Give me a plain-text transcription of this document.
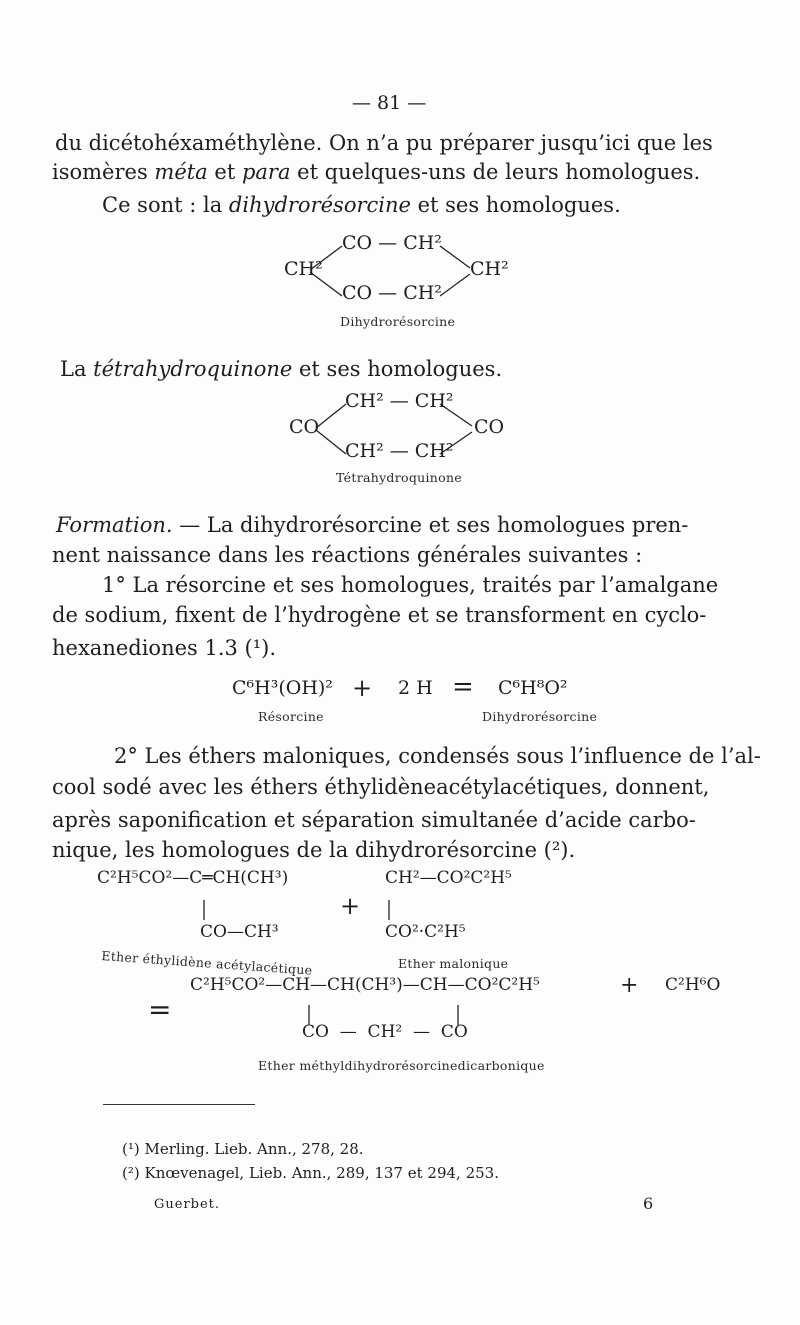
— 81 —
du dicétohéxaméthylène. On n’a pu préparer jusqu’ici que les
isomères méta et para et quelques-uns de leurs homologues.
Ce sont : la dihydrorésorcine et ses homologues.
CH²
CO — CH²
CO — CH²
CH²
Dihydrorésorcine
La tétrahydroquinone et ses homologues.
CO
CH² — CH²
CH² — CH²
CO
Tétrahydroquinone
Formation. — La dihydrorésorcine et ses homologues pren-
nent naissance dans les réactions générales suivantes :
1° La résorcine et ses homologues, traités par l’amalgane
de sodium, fixent de l’hydrogène et se transforment en cyclo-
hexanediones 1.3 (¹).
C⁶H³(OH)² + 2 H = C⁶H⁸O²
Résorcine	Dihydrorésorcine
2° Les éthers maloniques, condensés sous l’influence de l’al-
cool sodé avec les éthers éthylidèneacétylacétiques, donnent,
après saponification et séparation simultanée d’acide carbo-
nique, les homologues de la dihydrorésorcine (²).
C²H⁵CO²—C═CH(CH³)
CO—CH³
+
CH²—CO²C²H⁵
CO²·C²H⁵
Ether éthylidène acétylacétique	Ether malonique
=
C²H⁵CO²—CH—CH(CH³)—CH—CO²C²H⁵	+ C²H⁶O
CO  —  CH²  —  CO
Ether méthyldihydrorésorcinedicarbonique
(¹) Merling. Lieb. Ann., 278, 28.
(²) Knœvenagel, Lieb. Ann., 289, 137 et 294, 253.
Guerbet.	6
